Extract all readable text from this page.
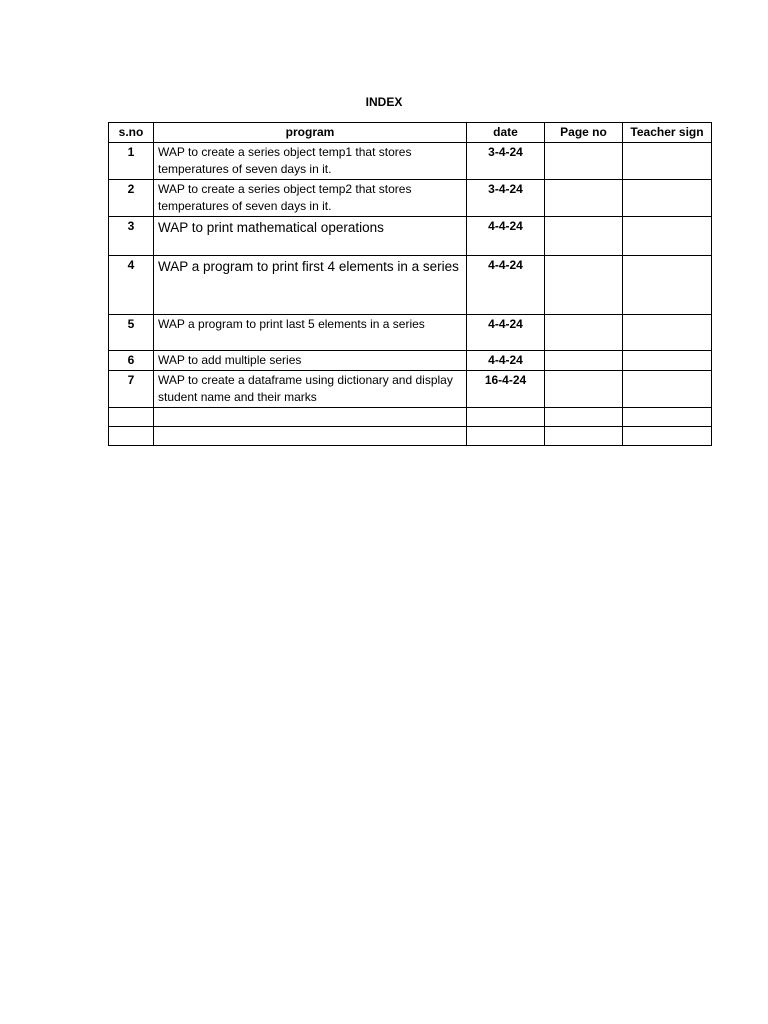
INDEX
s.no	program	date	Page no	Teacher sign
1	WAP to create a series object temp1 that stores temperatures of seven days in it.	3-4-24		
2	WAP to create a series object temp2 that stores temperatures of seven days in it.	3-4-24		
3	WAP to print mathematical operations	4-4-24		
4	WAP a program to print first 4 elements in a series	4-4-24		
5	WAP a program to print last 5 elements in a series	4-4-24		
6	WAP to add multiple series	4-4-24		
7	WAP to create a dataframe using dictionary and display student name and their marks	16-4-24		
